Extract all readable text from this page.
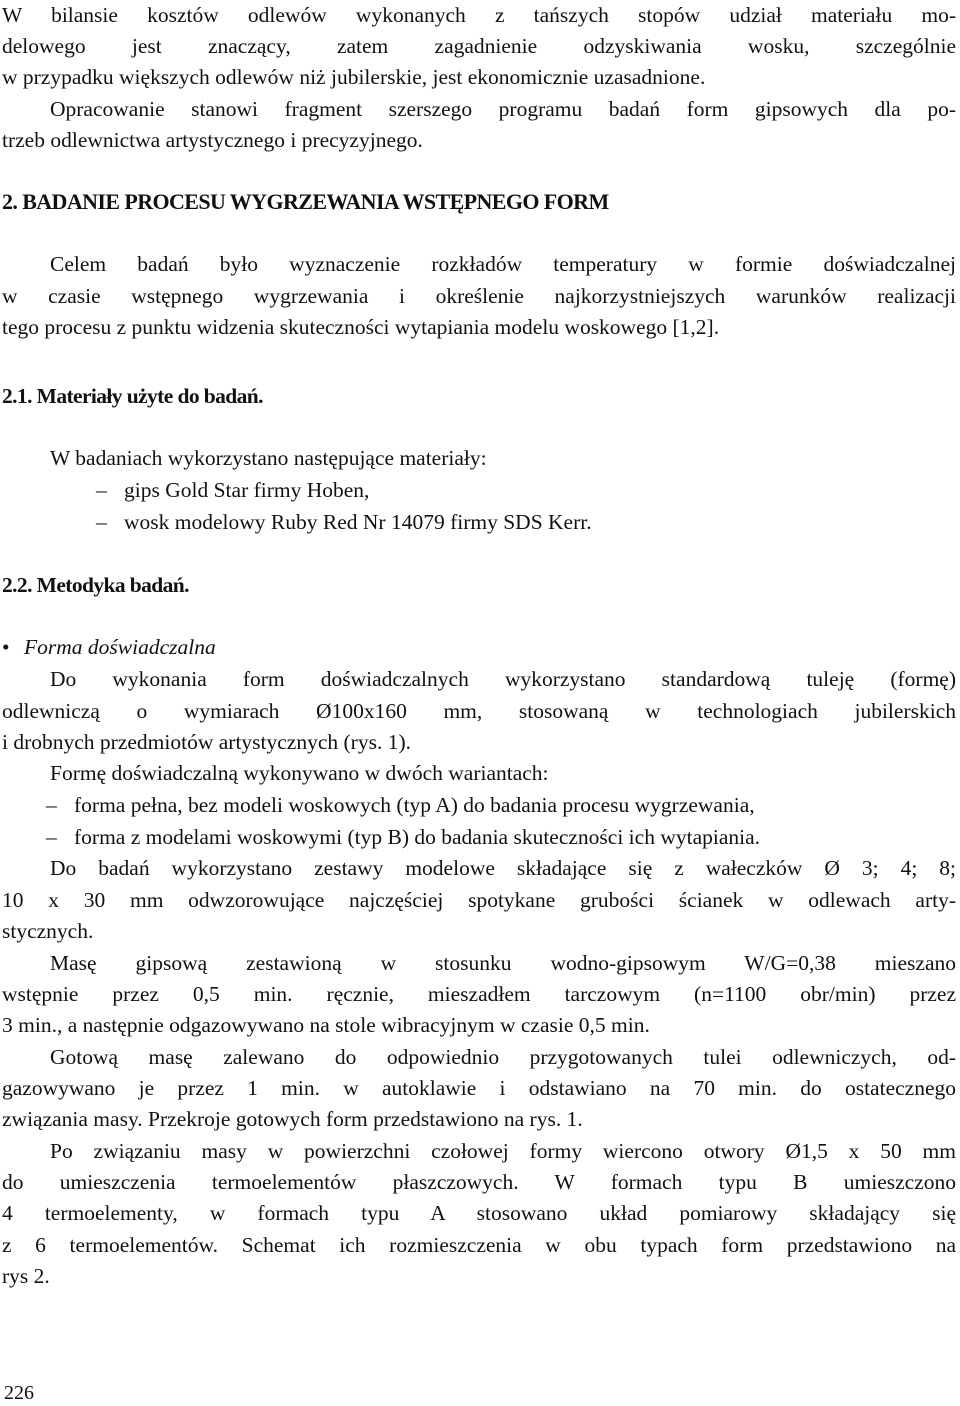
W bilansie kosztów odlewów wykonanych z tańszych stopów udział materiału mo-
delowego jest znaczący, zatem zagadnienie odzyskiwania wosku, szczególnie
w przypadku większych odlewów niż jubilerskie, jest ekonomicznie uzasadnione.
Opracowanie stanowi fragment szerszego programu badań form gipsowych dla po-
trzeb odlewnictwa artystycznego i precyzyjnego.
2. BADANIE PROCESU WYGRZEWANIA WSTĘPNEGO FORM
Celem badań było wyznaczenie rozkładów temperatury w formie doświadczalnej
w czasie wstępnego wygrzewania i określenie najkorzystniejszych warunków realizacji
tego procesu z punktu widzenia skuteczności wytapiania modelu woskowego [1,2].
2.1. Materiały użyte do badań.
W badaniach wykorzystano następujące materiały:
– gips Gold Star firmy Hoben,
– wosk modelowy Ruby Red Nr 14079 firmy SDS Kerr.
2.2. Metodyka badań.
• Forma doświadczalna
Do wykonania form doświadczalnych wykorzystano standardową tuleję (formę)
odlewniczą o wymiarach Ø100x160 mm, stosowaną w technologiach jubilerskich
i drobnych przedmiotów artystycznych (rys. 1).
Formę doświadczalną wykonywano w dwóch wariantach:
– forma pełna, bez modeli woskowych (typ A) do badania procesu wygrzewania,
– forma z modelami woskowymi (typ B) do badania skuteczności ich wytapiania.
Do badań wykorzystano zestawy modelowe składające się z wałeczków Ø 3; 4; 8;
10 x 30 mm odwzorowujące najczęściej spotykane grubości ścianek w odlewach arty-
stycznych.
Masę gipsową zestawioną w stosunku wodno-gipsowym W/G=0,38 mieszano
wstępnie przez 0,5 min. ręcznie, mieszadłem tarczowym (n=1100 obr/min) przez
3 min., a następnie odgazowywano na stole wibracyjnym w czasie 0,5 min.
Gotową masę zalewano do odpowiednio przygotowanych tulei odlewniczych, od-
gazowywano je przez 1 min. w autoklawie i odstawiano na 70 min. do ostatecznego
związania masy. Przekroje gotowych form przedstawiono na rys. 1.
Po związaniu masy w powierzchni czołowej formy wiercono otwory Ø1,5 x 50 mm
do umieszczenia termoelementów płaszczowych. W formach typu B umieszczono
4 termoelementy, w formach typu A stosowano układ pomiarowy składający się
z 6 termoelementów. Schemat ich rozmieszczenia w obu typach form przedstawiono na
rys 2.
226
